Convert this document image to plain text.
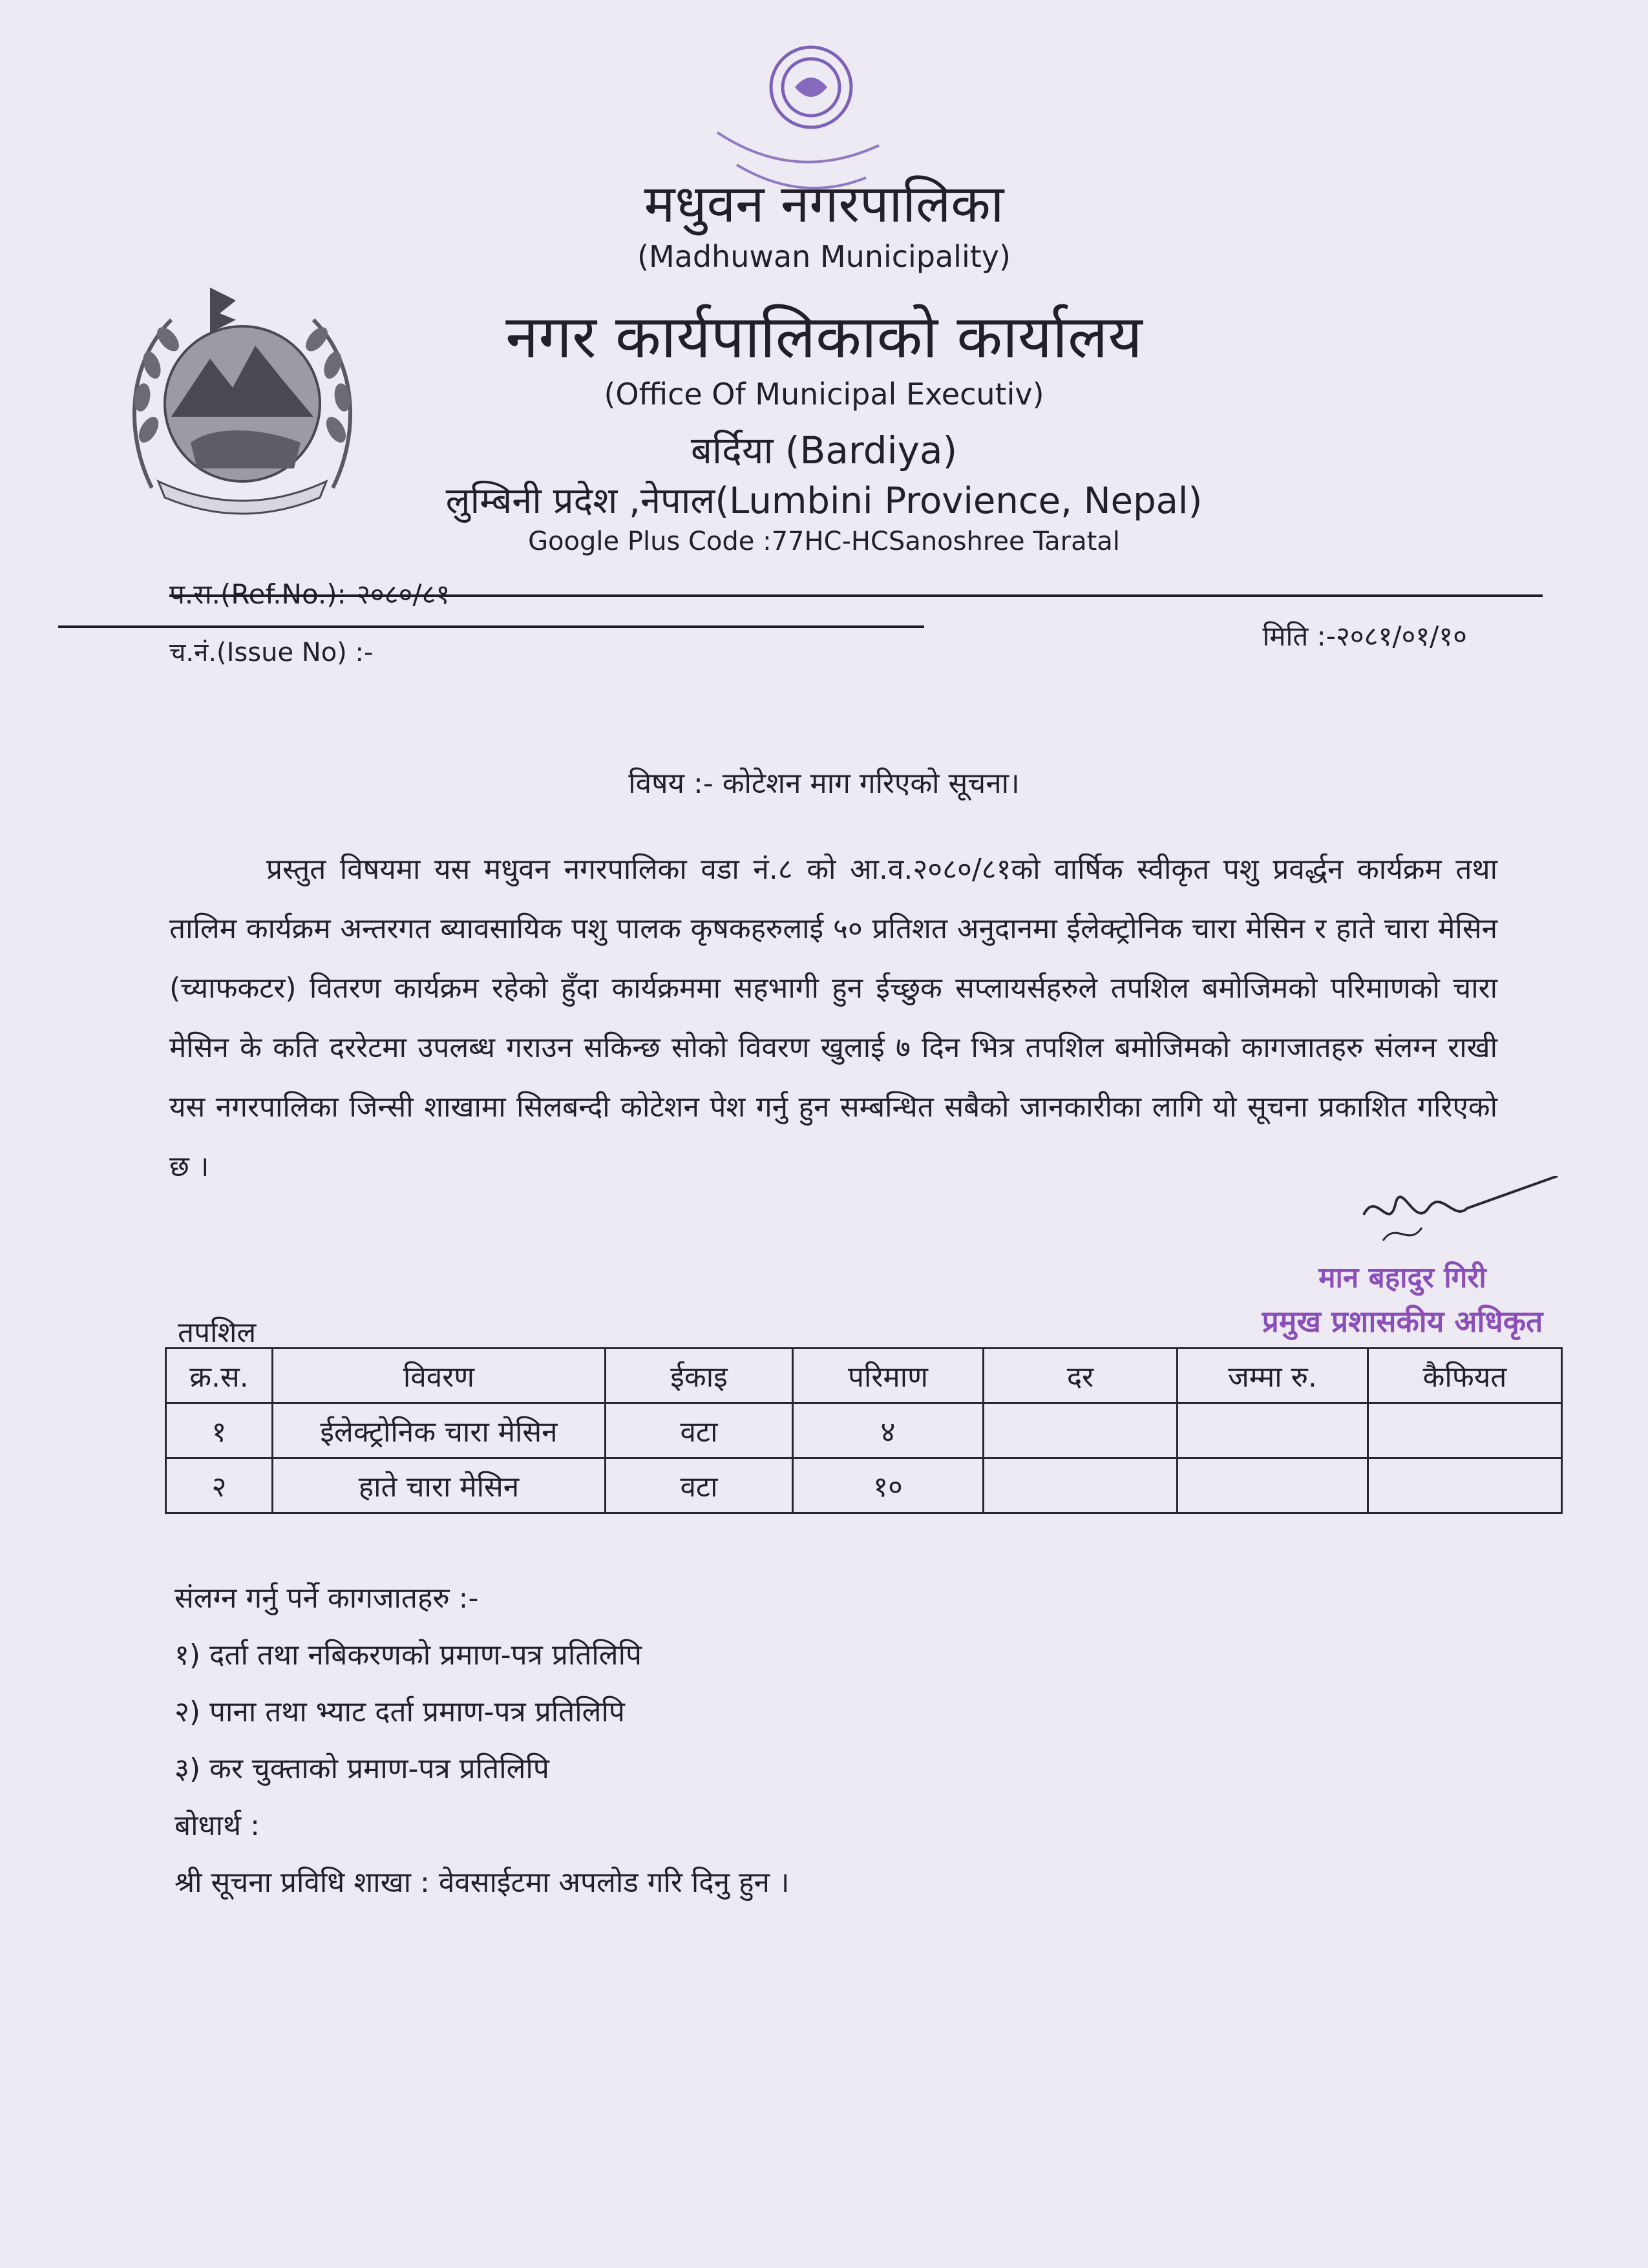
मधुवन नगरपालिका
(Madhuwan Municipality)
नगर कार्यपालिकाको कार्यालय
(Office Of Municipal Executiv)
बर्दिया (Bardiya)
लुम्बिनी प्रदेश ,नेपाल(Lumbini Provience, Nepal)
Google Plus Code :77HC-HCSanoshree Taratal
प.स.(Ref.No.):-२०८०/८१
च.नं.(Issue No) :-
मिति :-२०८१/०१/१०
विषय :- कोटेशन माग गरिएको सूचना।
प्रस्तुत विषयमा यस मधुवन नगरपालिका वडा नं.८ को आ.व.२०८०/८१को वार्षिक स्वीकृत पशु प्रवर्द्धन कार्यक्रम तथा तालिम कार्यक्रम अन्तरगत ब्यावसायिक पशु पालक कृषकहरुलाई ५० प्रतिशत अनुदानमा ईलेक्ट्रोनिक चारा मेसिन र हाते चारा मेसिन (च्याफकटर) वितरण कार्यक्रम रहेको हुँदा कार्यक्रममा सहभागी हुन ईच्छुक सप्लायर्सहरुले तपशिल बमोजिमको परिमाणको चारा मेसिन के कति दररेटमा उपलब्ध गराउन सकिन्छ सोको विवरण खुलाई ७ दिन भित्र तपशिल बमोजिमको कागजातहरु संलग्न राखी यस नगरपालिका जिन्सी शाखामा सिलबन्दी कोटेशन पेश गर्नु हुन सम्बन्धित सबैको जानकारीका लागि यो सूचना प्रकाशित गरिएको छ ।
मान बहादुर गिरी
प्रमुख प्रशासकीय अधिकृत
तपशिल
क्र.स.	विवरण	ईकाइ	परिमाण	दर	जम्मा रु.	कैफियत
१	ईलेक्ट्रोनिक चारा मेसिन	वटा	४			
२	हाते चारा मेसिन	वटा	१०			
संलग्न गर्नु पर्ने कागजातहरु :-
१) दर्ता तथा नबिकरणको प्रमाण-पत्र प्रतिलिपि
२) पाना तथा भ्याट दर्ता प्रमाण-पत्र प्रतिलिपि
३) कर चुक्ताको प्रमाण-पत्र प्रतिलिपि
बोधार्थ :
श्री सूचना प्रविधि शाखा : वेवसाईटमा अपलोड गरि दिनु हुन ।
